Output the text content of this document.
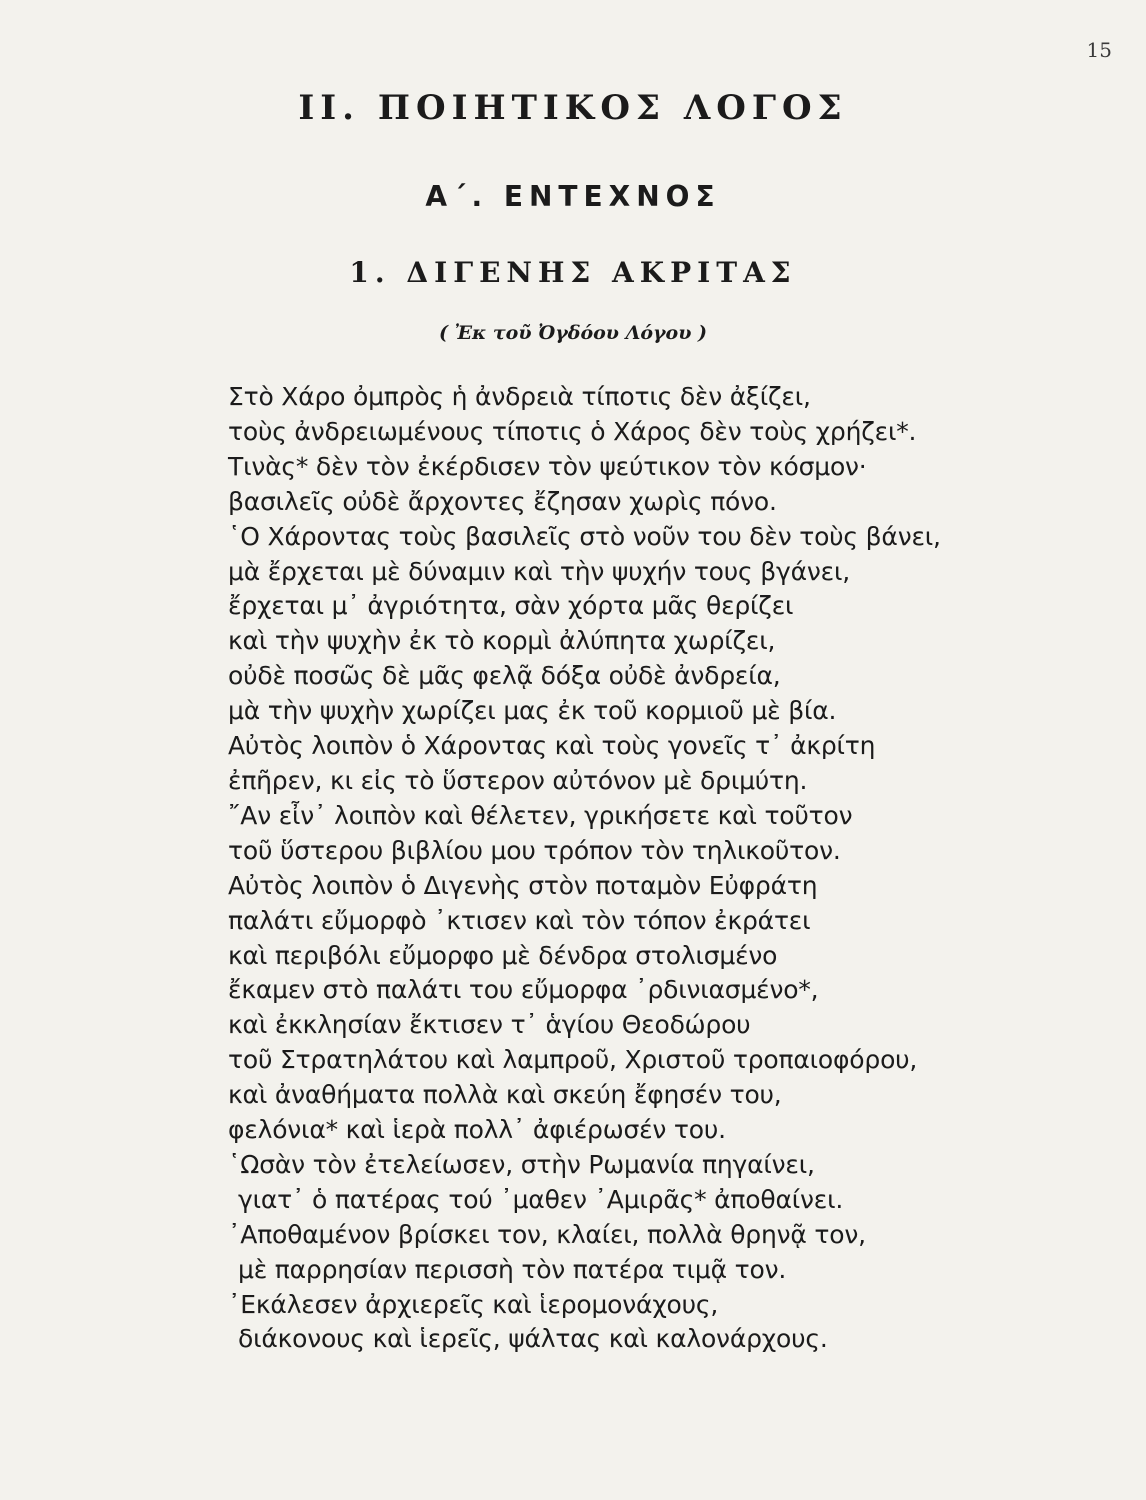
15
ΙΙ. ΠΟΙΗΤΙΚΟΣ ΛΟΓΟΣ
Α΄. ΕΝΤΕΧΝΟΣ
1. ΔΙΓΕΝΗΣ ΑΚΡΙΤΑΣ
( Ἐκ τοῦ Ὀγδόου Λόγου )
Στὸ Χάρο ὀμπρὸς ἡ ἀνδρειὰ τίποτις δὲν ἀξίζει,
τοὺς ἀνδρειωμένους τίποτις ὁ Χάρος δὲν τοὺς χρήζει*.
Τινὰς* δὲν τὸν ἐκέρδισεν τὸν ψεύτικον τὸν κόσμον·
βασιλεῖς οὐδὲ ἄρχοντες ἔζησαν χωρὶς πόνο.
῾Ο Χάροντας τοὺς βασιλεῖς στὸ νοῦν του δὲν τοὺς βάνει,
μὰ ἔρχεται μὲ δύναμιν καὶ τὴν ψυχήν τους βγάνει,
ἔρχεται μ᾿ ἀγριότητα, σὰν χόρτα μᾶς θερίζει
καὶ τὴν ψυχὴν ἐκ τὸ κορμὶ ἀλύπητα χωρίζει,
οὐδὲ ποσῶς δὲ μᾶς φελᾷ δόξα οὐδὲ ἀνδρεία,
μὰ τὴν ψυχὴν χωρίζει μας ἐκ τοῦ κορμιοῦ μὲ βία.
Αὐτὸς λοιπὸν ὁ Χάροντας καὶ τοὺς γονεῖς τ᾿ ἀκρίτη
ἐπῆρεν, κι εἰς τὸ ὕστερον αὐτόνον μὲ δριμύτη.
῎Αν εἶν᾿ λοιπὸν καὶ θέλετεν, γρικήσετε καὶ τοῦτον
τοῦ ὕστερου βιβλίου μου τρόπον τὸν τηλικοῦτον.
Αὐτὸς λοιπὸν ὁ Διγενὴς στὸν ποταμὸν Εὐφράτη
παλάτι εὔμορφὸ ᾿κτισεν καὶ τὸν τόπον ἐκράτει
καὶ περιβόλι εὔμορφο μὲ δένδρα στολισμένο
ἔκαμεν στὸ παλάτι του εὔμορφα ᾿ρδινιασμένο*,
καὶ ἐκκλησίαν ἔκτισεν τ᾿ ἁγίου Θεοδώρου
τοῦ Στρατηλάτου καὶ λαμπροῦ, Χριστοῦ τροπαιοφόρου,
καὶ ἀναθήματα πολλὰ καὶ σκεύη ἔφησέν του,
φελόνια* καὶ ἱερὰ πολλ᾿ ἀφιέρωσέν του.
῾Ωσὰν τὸν ἐτελείωσεν, στὴν Ρωμανία πηγαίνει,
γιατ᾿ ὁ πατέρας τού ᾿μαθεν ᾿Αμιρᾶς* ἀποθαίνει.
᾿Αποθαμένον βρίσκει τον, κλαίει, πολλὰ θρηνᾷ τον,
μὲ παρρησίαν περισσὴ τὸν πατέρα τιμᾷ τον.
᾿Εκάλεσεν ἀρχιερεῖς καὶ ἱερομονάχους,
διάκονους καὶ ἱερεῖς, ψάλτας καὶ καλονάρχους.
